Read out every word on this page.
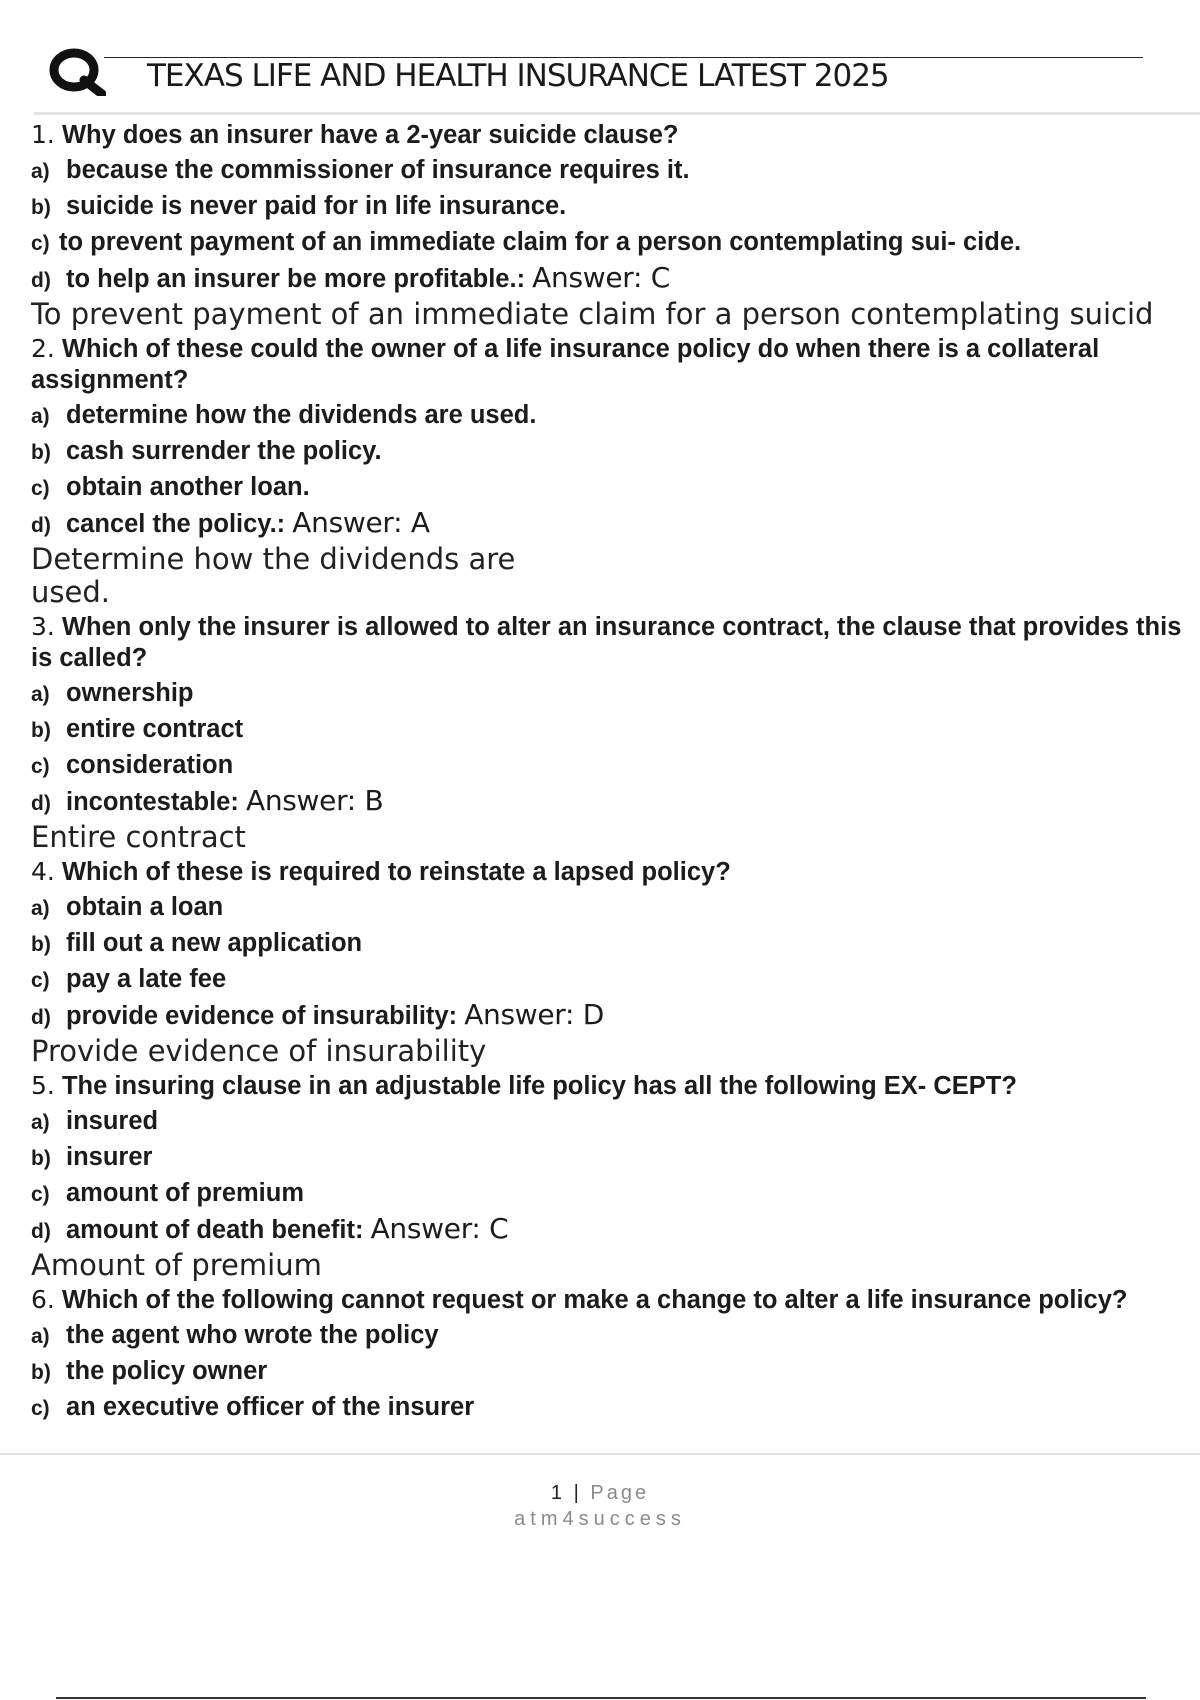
TEXAS LIFE AND HEALTH INSURANCE LATEST 2025
1. Why does an insurer have a 2-year suicide clause?
a) because the commissioner of insurance requires it.
b) suicide is never paid for in life insurance.
c) to prevent payment of an immediate claim for a person contemplating sui- cide.
d) to help an insurer be more profitable.: Answer: C
To prevent payment of an immediate claim for a person contemplating suicid
2. Which of these could the owner of a life insurance policy do when there is a collateral assignment?
a) determine how the dividends are used.
b) cash surrender the policy.
c) obtain another loan.
d) cancel the policy.: Answer: A
Determine how the dividends are used.
3. When only the insurer is allowed to alter an insurance contract, the clause that provides this is called?
a) ownership
b) entire contract
c) consideration
d) incontestable: Answer: B
Entire contract
4. Which of these is required to reinstate a lapsed policy?
a) obtain a loan
b) fill out a new application
c) pay a late fee
d) provide evidence of insurability: Answer: D
Provide evidence of insurability
5. The insuring clause in an adjustable life policy has all the following EX- CEPT?
a) insured
b) insurer
c) amount of premium
d) amount of death benefit: Answer: C
Amount of premium
6. Which of the following cannot request or make a change to alter a life insurance policy?
a) the agent who wrote the policy
b) the policy owner
c) an executive officer of the insurer
1 | Page
atm4success
